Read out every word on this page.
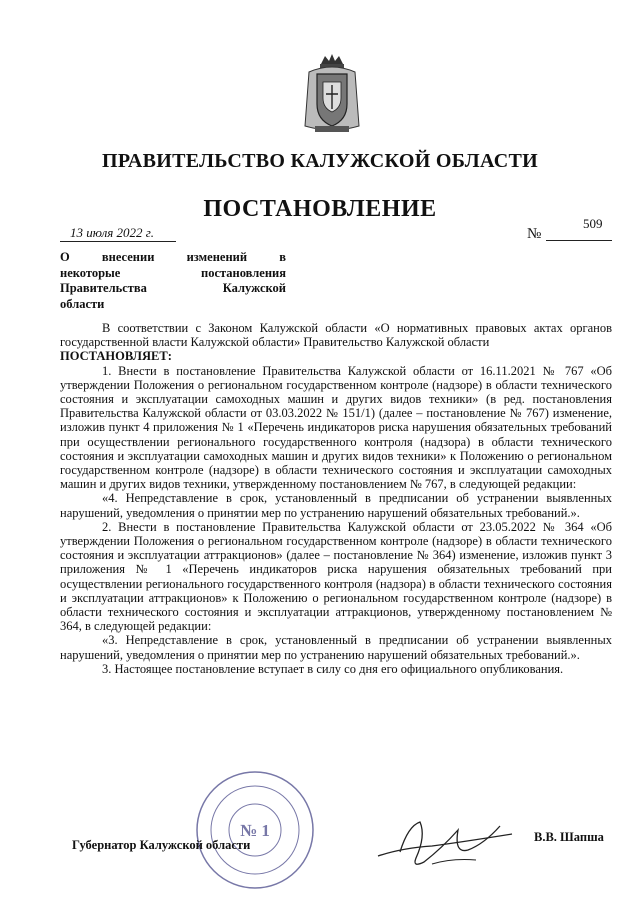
ПРАВИТЕЛЬСТВО КАЛУЖСКОЙ ОБЛАСТИ
ПОСТАНОВЛЕНИЕ
13 июля 2022 г.	№
509
О внесении изменений в
некоторые постановления
Правительства Калужской
области

В соответствии с Законом Калужской области «О нормативных правовых актах органов государственной власти Калужской области» Правительство Калужской области

ПОСТАНОВЛЯЕТ:

1. Внести в постановление Правительства Калужской области от 16.11.2021 № 767 «Об утверждении Положения о региональном государственном контроле (надзоре) в области технического состояния и эксплуатации самоходных машин и других видов техники» (в ред. постановления Правительства Калужской области от 03.03.2022 № 151/1) (далее – постановление № 767) изменение, изложив пункт 4 приложения № 1 «Перечень индикаторов риска нарушения обязательных требований при осуществлении регионального государственного контроля (надзора) в области технического состояния и эксплуатации самоходных машин и других видов техники» к Положению о региональном государственном контроле (надзоре) в области технического состояния и эксплуатации самоходных машин и других видов техники, утвержденному постановлением № 767, в следующей редакции:

«4. Непредставление в срок, установленный в предписании об устранении выявленных нарушений, уведомления о принятии мер по устранению нарушений обязательных требований.».

2. Внести в постановление Правительства Калужской области от 23.05.2022 № 364 «Об утверждении Положения о региональном государственном контроле (надзоре) в области технического состояния и эксплуатации аттракционов» (далее – постановление № 364) изменение, изложив пункт 3 приложения № 1 «Перечень индикаторов риска нарушения обязательных требований при осуществлении регионального государственного контроля (надзора) в области технического состояния и эксплуатации аттракционов» к Положению о региональном государственном контроле (надзоре) в области технического состояния и эксплуатации аттракционов, утвержденному постановлением № 364, в следующей редакции:

«3. Непредставление в срок, установленный в предписании об устранении выявленных нарушений, уведомления о принятии мер по устранению нарушений обязательных требований.».

3. Настоящее постановление вступает в силу со дня его официального опубликования.

№ 1
Губернатор Калужской области
В.В. Шапша
